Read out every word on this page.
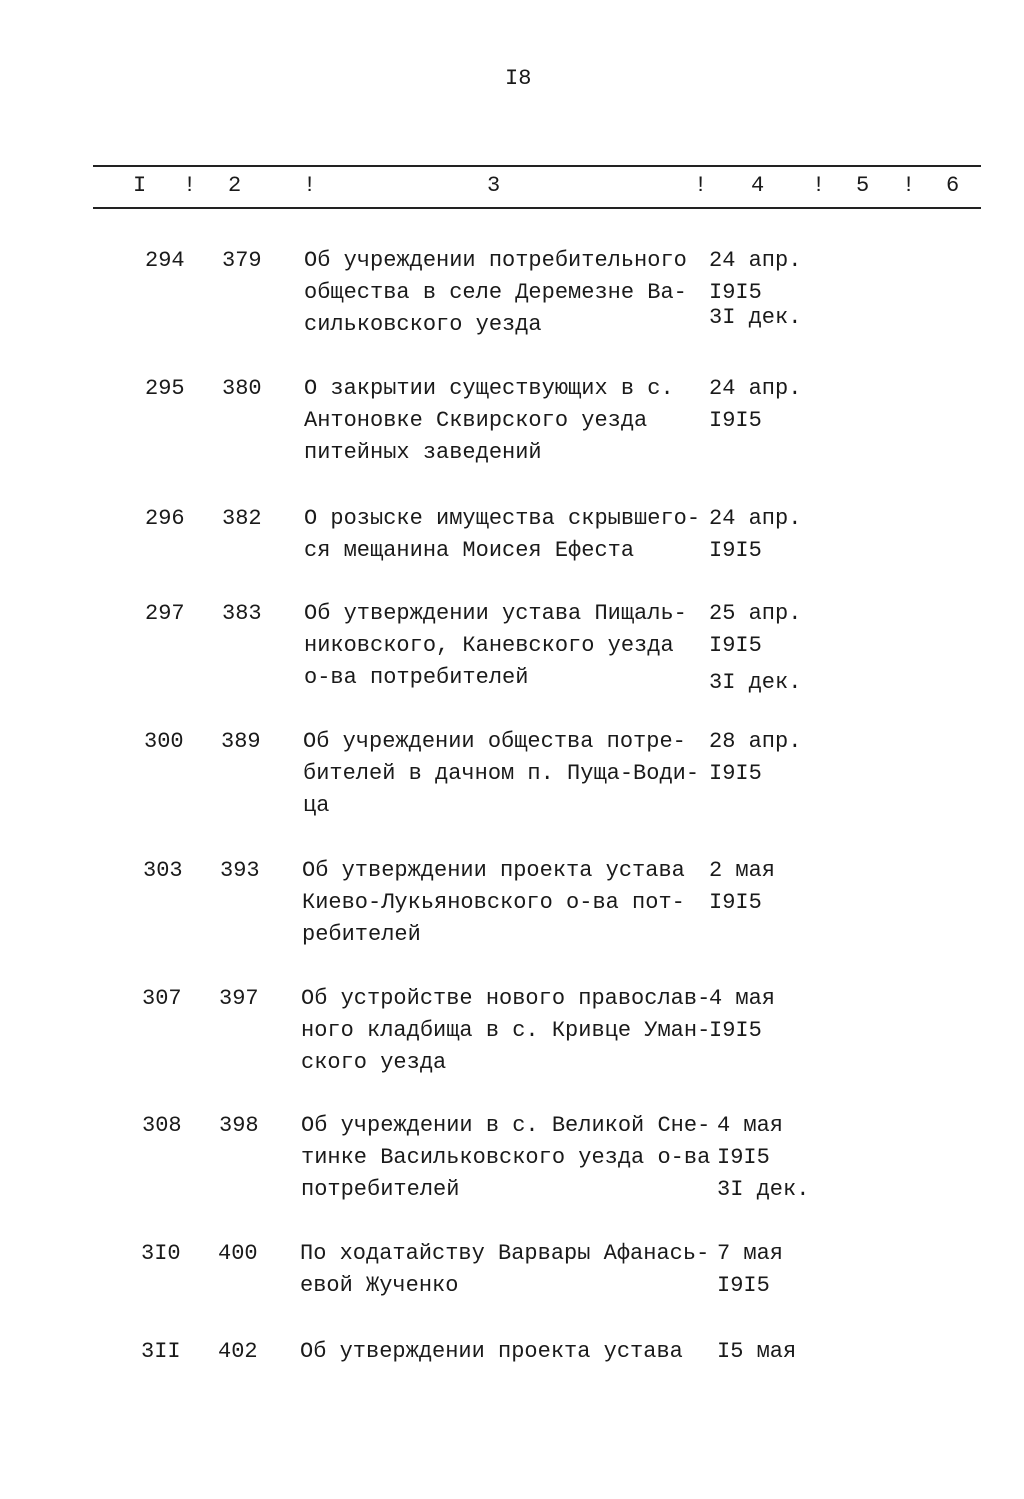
I8
I ! 2	!	3	! 4 ! 5 ! 6
294 379 Об учреждении потребительного
общества в селе Деремезне Ва-
сильковского уезда
24 апр.
I9I5
3I дек.
295 380 О закрытии существующих в с.
Антоновке Сквирского уезда
питейных заведений
24 апр.
I9I5
296 382 О розыске имущества скрывшего-
ся мещанина Моисея Ефеста
24 апр.
I9I5
297 383 Об утверждении устава Пищаль-
никовского, Каневского уезда
о-ва потребителей
25 апр.
I9I5
3I дек.
300 389 Об учреждении общества потре-
бителей в дачном п. Пуща-Води-
ца
28 апр.
I9I5
303 393 Об утверждении проекта устава
Киево-Лукьяновского о-ва пот-
ребителей
2 мая
I9I5
307 397 Об устройстве нового православ-
ного кладбища в с. Кривце Уман-
ского уезда
4 мая
I9I5
308 398 Об учреждении в с. Великой Сне-
тинке Васильковского уезда о-ва
потребителей
4 мая
I9I5
3I дек.
3I0 400 По ходатайству Варвары Афанась-
евой Жученко
7 мая
I9I5
3II 402 Об утверждении проекта устава I5 мая
